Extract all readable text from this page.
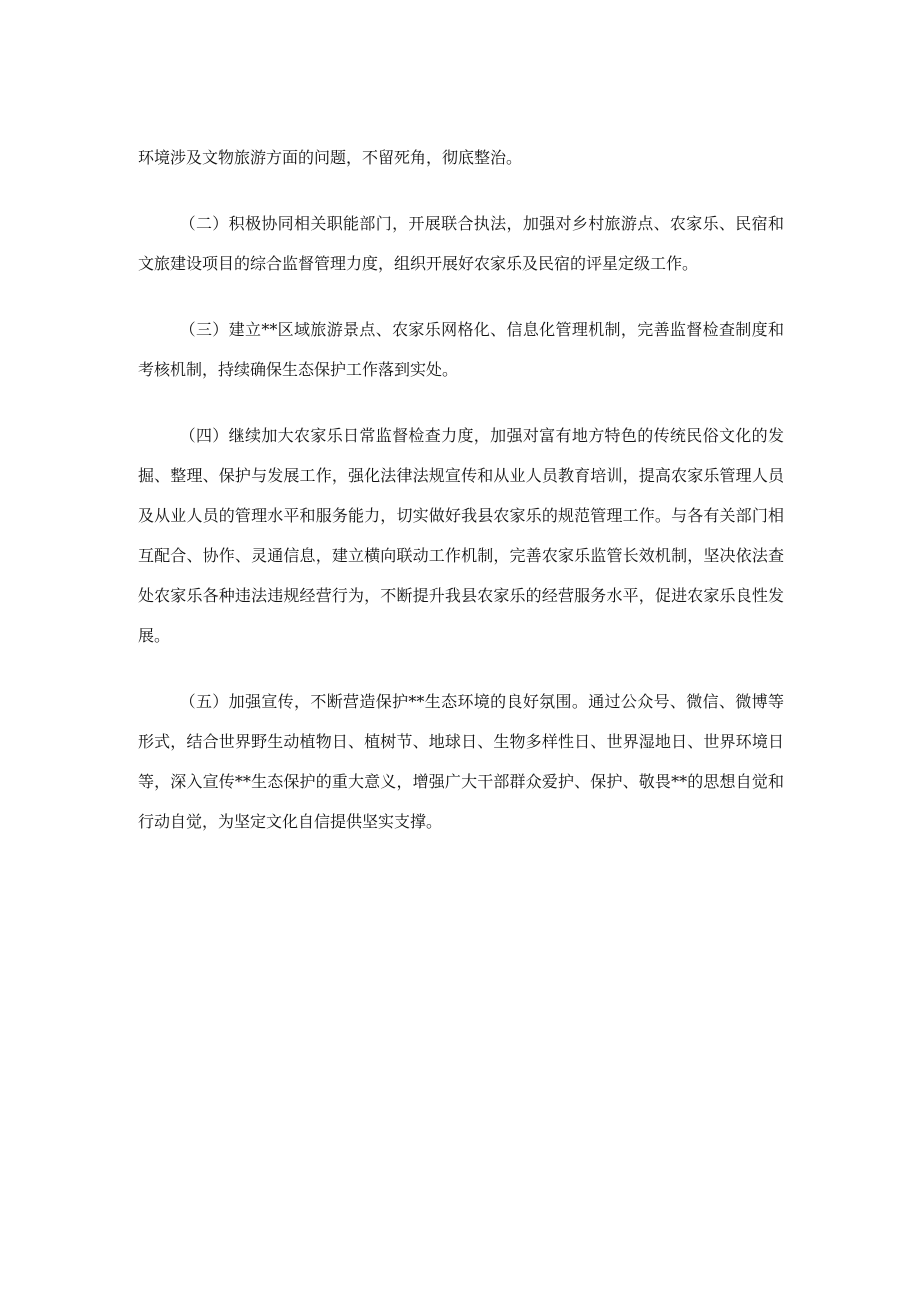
环境涉及文物旅游方面的问题，不留死角，彻底整治。

（二）积极协同相关职能部门，开展联合执法，加强对乡村旅游点、农家乐、民宿和文旅建设项目的综合监督管理力度，组织开展好农家乐及民宿的评星定级工作。

（三）建立**区域旅游景点、农家乐网格化、信息化管理机制，完善监督检查制度和考核机制，持续确保生态保护工作落到实处。

（四）继续加大农家乐日常监督检查力度，加强对富有地方特色的传统民俗文化的发掘、整理、保护与发展工作，强化法律法规宣传和从业人员教育培训，提高农家乐管理人员及从业人员的管理水平和服务能力，切实做好我县农家乐的规范管理工作。与各有关部门相互配合、协作、灵通信息，建立横向联动工作机制，完善农家乐监管长效机制，坚决依法查处农家乐各种违法违规经营行为，不断提升我县农家乐的经营服务水平，促进农家乐良性发展。

（五）加强宣传，不断营造保护**生态环境的良好氛围。通过公众号、微信、微博等形式，结合世界野生动植物日、植树节、地球日、生物多样性日、世界湿地日、世界环境日等，深入宣传**生态保护的重大意义，增强广大干部群众爱护、保护、敬畏**的思想自觉和行动自觉，为坚定文化自信提供坚实支撑。
